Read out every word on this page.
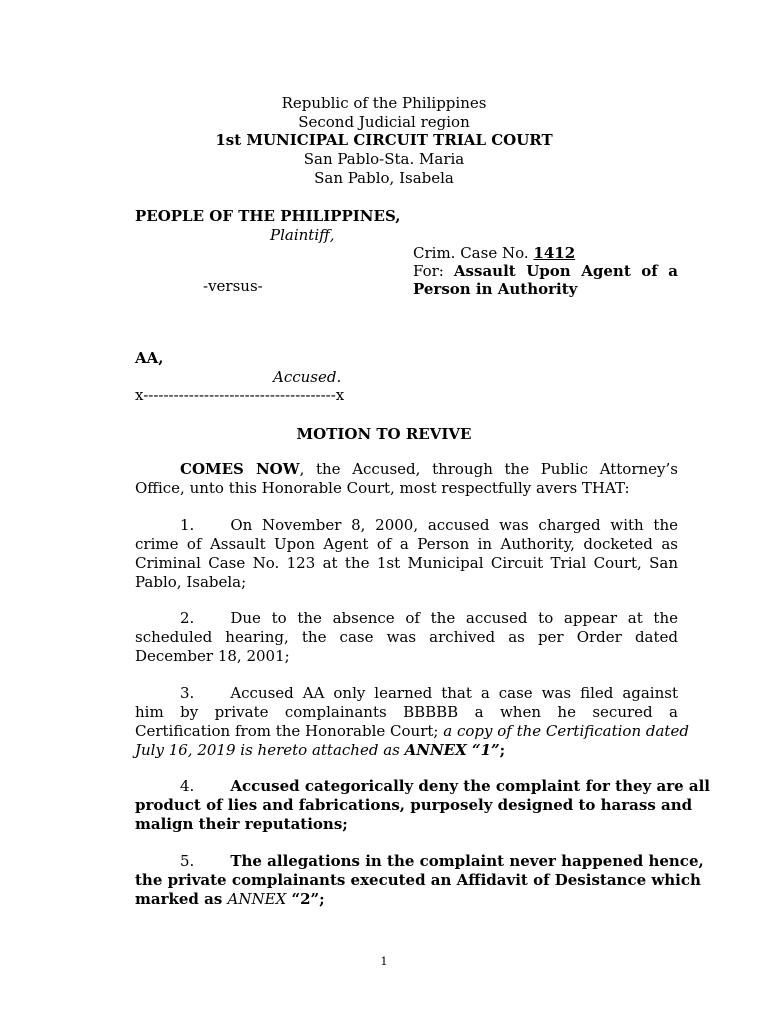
Republic of the Philippines
Second Judicial region
1st MUNICIPAL CIRCUIT TRIAL COURT
San Pablo-Sta. Maria
San Pablo, Isabela
PEOPLE OF THE PHILIPPINES,
Plaintiff,
Crim. Case No. 1412
For: Assault Upon Agent of a
Person in Authority
-versus-
AA,
Accused.
x--------------------------------------x
MOTION TO REVIVE
COMES NOW, the Accused, through the Public Attorney’s
Office, unto this Honorable Court, most respectfully avers THAT:
1. On November 8, 2000, accused was charged with the
crime of Assault Upon Agent of a Person in Authority, docketed as
Criminal Case No. 123 at the 1st Municipal Circuit Trial Court, San
Pablo, Isabela;
2. Due to the absence of the accused to appear at the
scheduled hearing, the case was archived as per Order dated
December 18, 2001;
3. Accused AA only learned that a case was filed against
him by private complainants BBBBB a when he secured a
Certification from the Honorable Court; a copy of the Certification dated
July 16, 2019 is hereto attached as ANNEX “1”;
4. Accused categorically deny the complaint for they are all
product of lies and fabrications, purposely designed to harass and
malign their reputations;
5. The allegations in the complaint never happened hence,
the private complainants executed an Affidavit of Desistance which
marked as ANNEX “2”;
1
